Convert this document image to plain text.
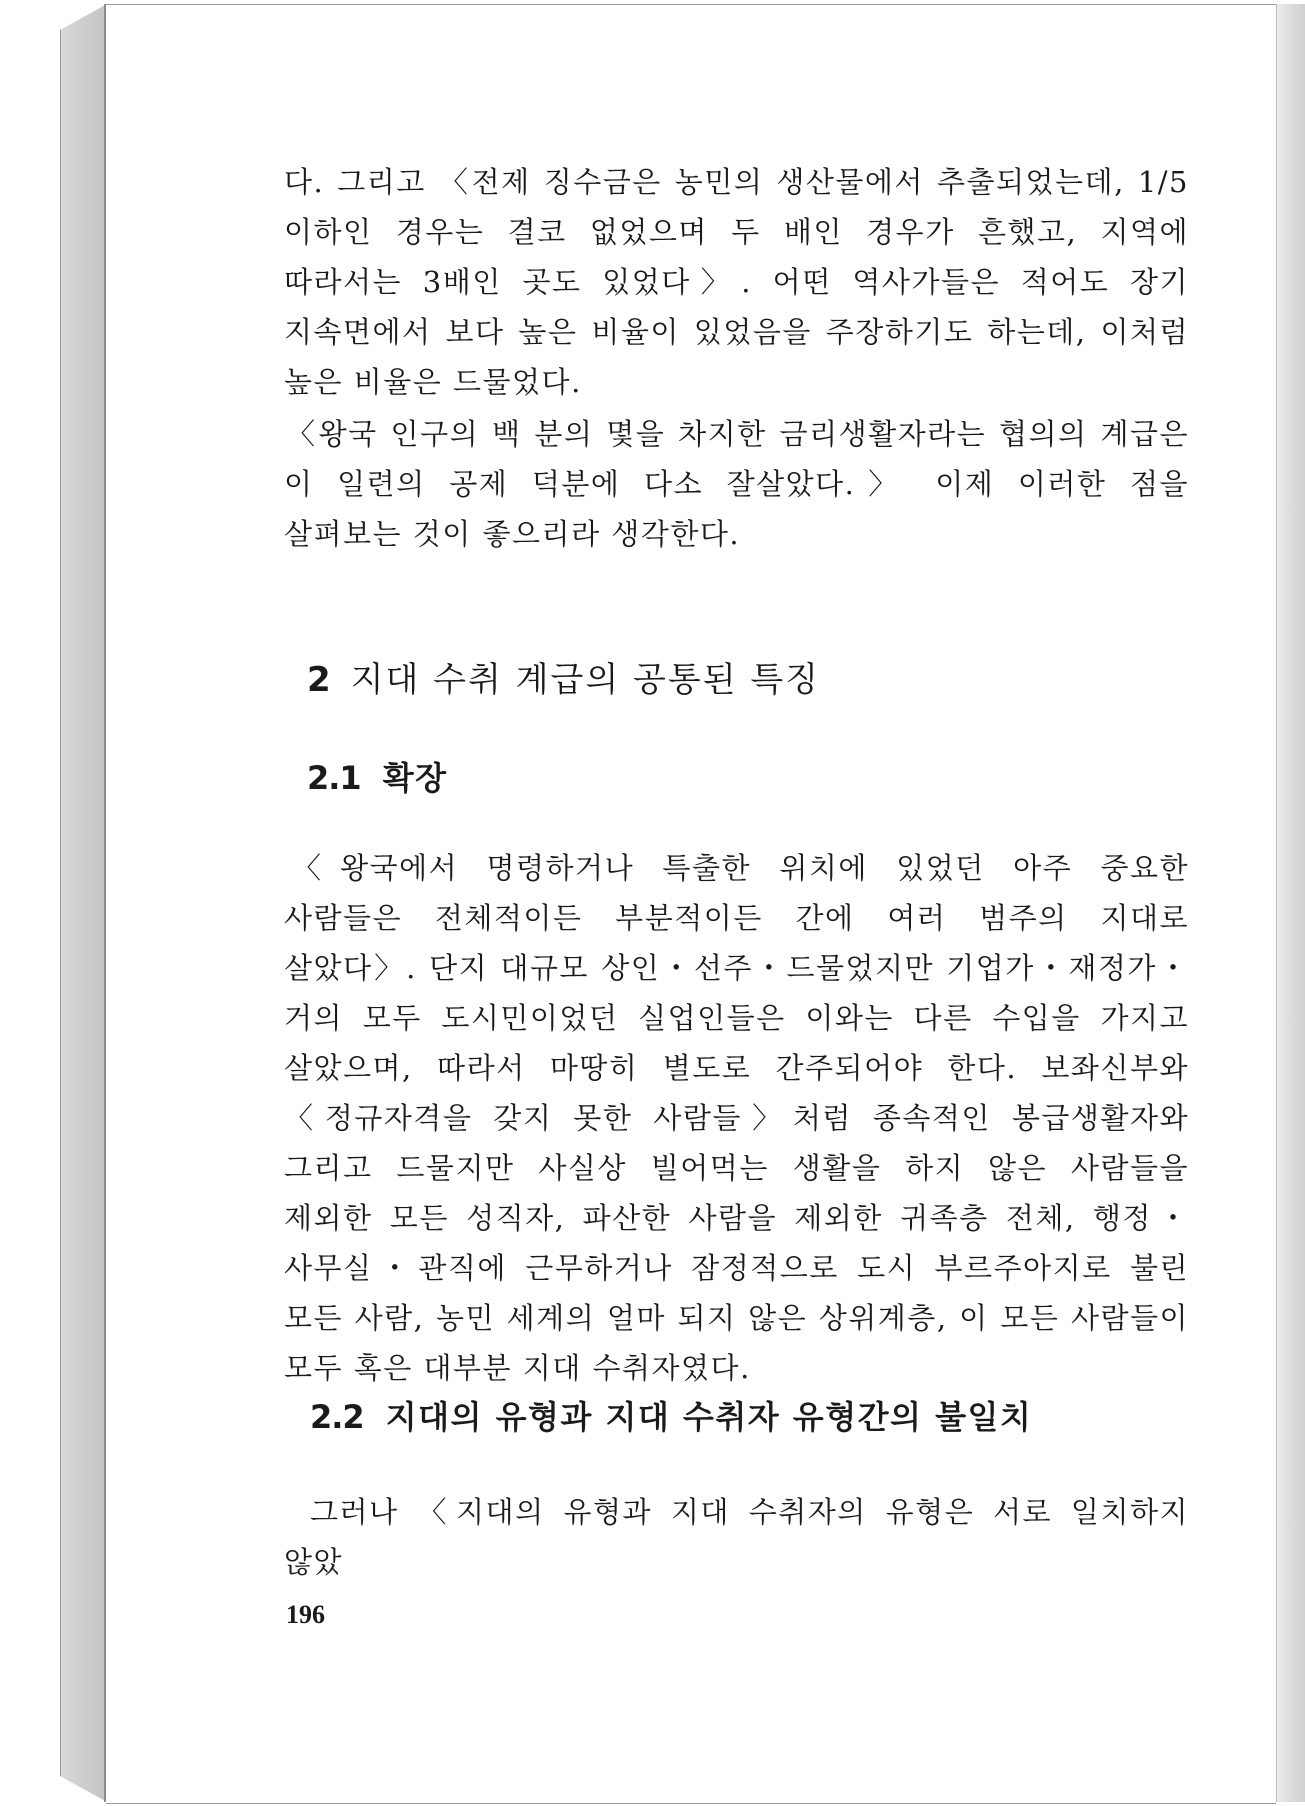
다. 그리고 〈전제 징수금은 농민의 생산물에서 추출되었는데, 1/5 이하인 경우는 결코 없었으며 두 배인 경우가 흔했고, 지역에 따라서는 3배인 곳도 있었다〉. 어떤 역사가들은 적어도 장기 지속면에서 보다 높은 비율이 있었음을 주장하기도 하는데, 이처럼 높은 비율은 드물었다.

〈왕국 인구의 백 분의 몇을 차지한 금리생활자라는 협의의 계급은 이 일련의 공제 덕분에 다소 잘살았다.〉 이제 이러한 점을 살펴보는 것이 좋으리라 생각한다.

2 지대 수취 계급의 공통된 특징
2.1 확장

〈왕국에서 명령하거나 특출한 위치에 있었던 아주 중요한 사람들은 전체적이든 부분적이든 간에 여러 범주의 지대로 살았다〉. 단지 대규모 상인・선주・드물었지만 기업가・재정가・거의 모두 도시민이었던 실업인들은 이와는 다른 수입을 가지고 살았으며, 따라서 마땅히 별도로 간주되어야 한다. 보좌신부와 〈정규자격을 갖지 못한 사람들〉처럼 종속적인 봉급생활자와 그리고 드물지만 사실상 빌어먹는 생활을 하지 않은 사람들을 제외한 모든 성직자, 파산한 사람을 제외한 귀족층 전체, 행정・사무실・관직에 근무하거나 잠정적으로 도시 부르주아지로 불린 모든 사람, 농민 세계의 얼마 되지 않은 상위계층, 이 모든 사람들이 모두 혹은 대부분 지대 수취자였다.

2.2 지대의 유형과 지대 수취자 유형간의 불일치

그러나 〈지대의 유형과 지대 수취자의 유형은 서로 일치하지 않았

196
